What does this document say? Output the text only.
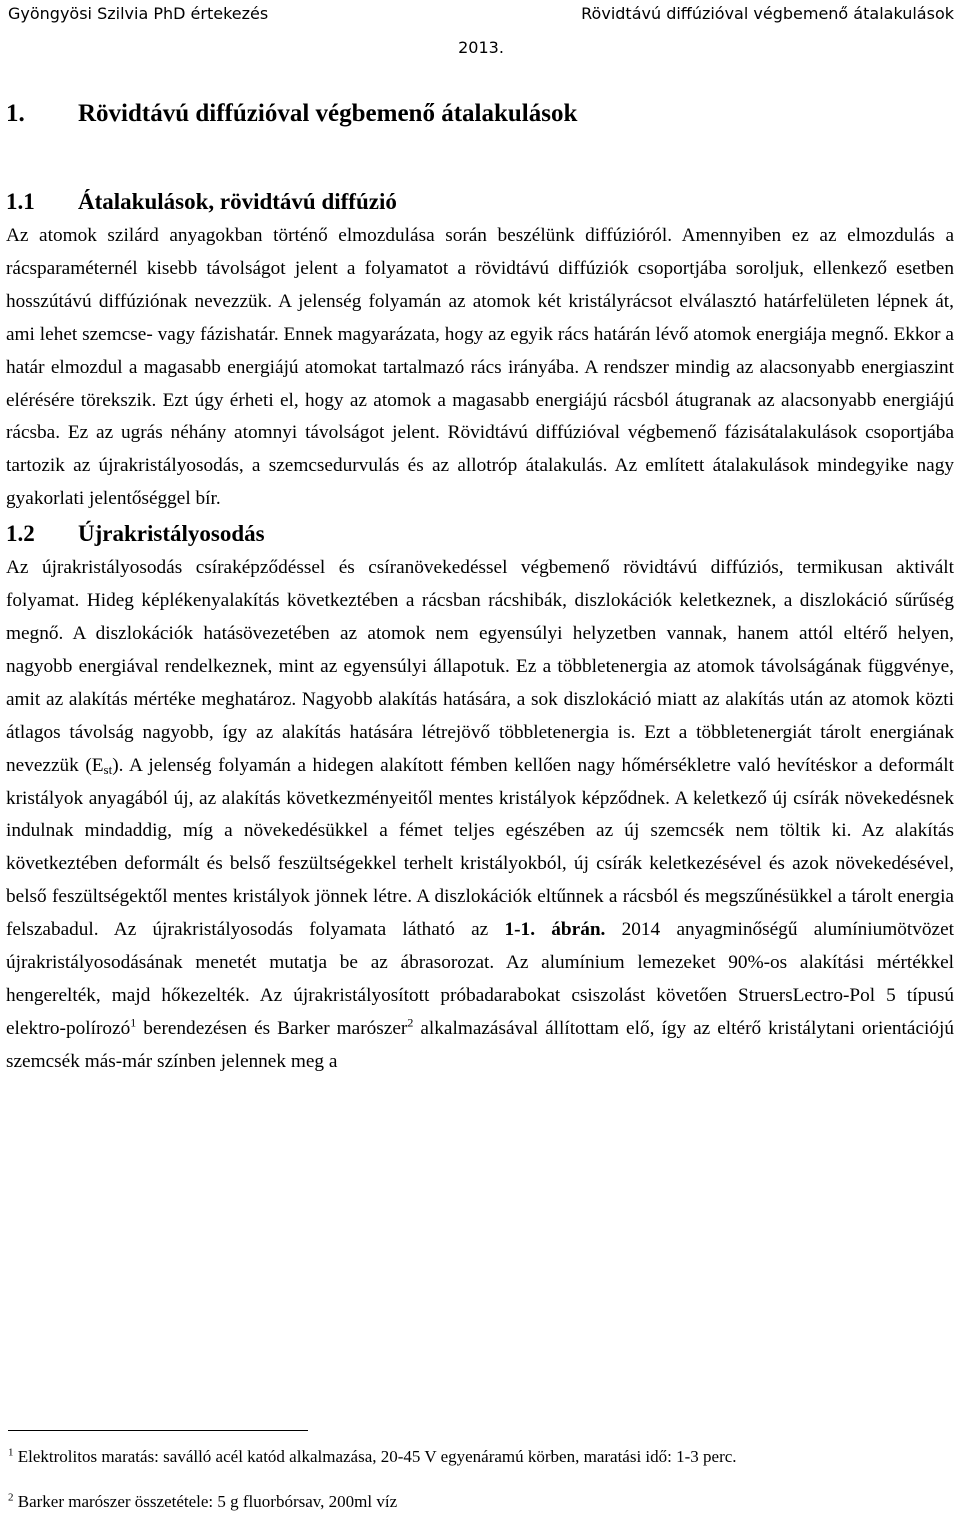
Gyöngyösi Szilvia PhD értekezés	Rövidtávú diffúzióval végbemenő átalakulások
2013.
1.	Rövidtávú diffúzióval végbemenő átalakulások
1.1	Átalakulások, rövidtávú diffúzió

Az atomok szilárd anyagokban történő elmozdulása során beszélünk diffúzióról. Amennyiben ez az elmozdulás a rácsparaméternél kisebb távolságot jelent a folyamatot a rövidtávú diffúziók csoportjába soroljuk, ellenkező esetben hosszútávú diffúziónak nevezzük. A jelenség folyamán az atomok két kristályrácsot elválasztó határfelületen lépnek át, ami lehet szemcse- vagy fázishatár. Ennek magyarázata, hogy az egyik rács határán lévő atomok energiája megnő. Ekkor a határ elmozdul a magasabb energiájú atomokat tartalmazó rács irányába. A rendszer mindig az alacsonyabb energiaszint elérésére törekszik. Ezt úgy érheti el, hogy az atomok a magasabb energiájú rácsból átugranak az alacsonyabb energiájú rácsba. Ez az ugrás néhány atomnyi távolságot jelent. Rövidtávú diffúzióval végbemenő fázisátalakulások csoportjába tartozik az újrakristályosodás, a szemcsedurvulás és az allotróp átalakulás. Az említett átalakulások mindegyike nagy gyakorlati jelentőséggel bír.

1.2	Újrakristályosodás

Az újrakristályosodás csíraképződéssel és csíranövekedéssel végbemenő rövidtávú diffúziós, termikusan aktivált folyamat. Hideg képlékenyalakítás következtében a rácsban rácshibák, diszlokációk keletkeznek, a diszlokáció sűrűség megnő. A diszlokációk hatásövezetében az atomok nem egyensúlyi helyzetben vannak, hanem attól eltérő helyen, nagyobb energiával rendelkeznek, mint az egyensúlyi állapotuk. Ez a többletenergia az atomok távolságának függvénye, amit az alakítás mértéke meghatároz. Nagyobb alakítás hatására, a sok diszlokáció miatt az alakítás után az atomok közti átlagos távolság nagyobb, így az alakítás hatására létrejövő többletenergia is. Ezt a többletenergiát tárolt energiának nevezzük $(E_{st})$. A jelenség folyamán a hidegen alakított fémben kellően nagy hőmérsékletre való hevítéskor a deformált kristályok anyagából új, az alakítás következményeitől mentes kristályok képződnek. A keletkező új csírák növekedésnek indulnak mindaddig, míg a növekedésükkel a fémet teljes egészében az új szemcsék nem töltik ki. Az alakítás következtében deformált és belső feszültségekkel terhelt kristályokból, új csírák keletkezésével és azok növekedésével, belső feszültségektől mentes kristályok jönnek létre. A diszlokációk eltűnnek a rácsból és megszűnésükkel a tárolt energia felszabadul. Az újrakristályosodás folyamata látható az 1-1. ábrán. 2014 anyagminőségű alumíniumötvözet újrakristályosodásának menetét mutatja be az ábrasorozat. Az alumínium lemezeket 90%-os alakítási mértékkel hengerelték, majd hőkezelték. Az újrakristályosított próbadarabokat csiszolást követően StruersLectro-Pol 5 típusú elektro-polírozó$^1$ berendezésen és Barker marószer$^2$ alkalmazásával állítottam elő, így az eltérő kristálytani orientációjú szemcsék más-már színben jelennek meg a

$^1$ Elektrolitos maratás: saválló acél katód alkalmazása, 20-45 V egyenáramú körben, maratási idő: 1-3 perc.
$^2$ Barker marószer összetétele: 5 g fluorbórsav, 200ml víz
